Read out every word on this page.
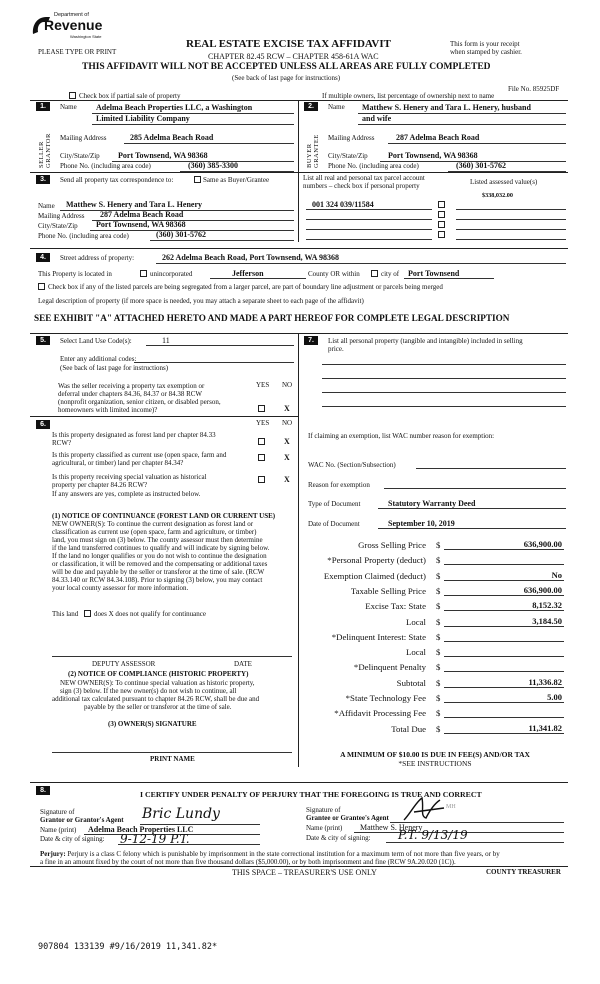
Department of
Revenue
Washington State
PLEASE TYPE OR PRINT
REAL ESTATE EXCISE TAX AFFIDAVIT
CHAPTER 82.45 RCW – CHAPTER 458-61A WAC
This form is your receipt
when stamped by cashier.
THIS AFFIDAVIT WILL NOT BE ACCEPTED UNLESS ALL AREAS ARE FULLY COMPLETED
(See back of last page for instructions)
File No. 85925DF
Check box if partial sale of property	If multiple owners, list percentage of ownership next to name
1.
SELLER GRANTOR
Name Adelma Beach Properties LLC, a Washington
Limited Liability Company
Mailing Address	285 Adelma Beach Road
City/State/Zip Port Townsend, WA 98368
Phone No. (including area code)	(360) 385-3300
2.
BUYER GRANTEE
Name Matthew S. Henery and Tara L. Henery, husband
and wife
Mailing Address	287 Adelma Beach Road
City/State/Zip	Port Townsend, WA 98368
Phone No. (including area code)	(360) 301-5762
3.	Send all property tax correspondence to:	Same as Buyer/Grantee	List all real and personal tax parcel account
numbers – check box if personal property	Listed assessed value(s)
Name Matthew S. Henery and Tara L. Henery
Mailing Address 287 Adelma Beach Road
City/State/Zip Port Townsend, WA 98368
Phone No. (including area code)	(360) 301-5762
001 324 039/11584
$338,032.00
4.	Street address of property:	262 Adelma Beach Road, Port Townsend, WA 98368
This Property is located in	unincorporated	Jefferson	County OR within	city of Port Townsend
Check box if any of the listed parcels are being segregated from a larger parcel, are part of boundary line adjustment or parcels being merged
Legal description of property (if more space is needed, you may attach a separate sheet to each page of the affidavit)
SEE EXHIBIT "A" ATTACHED HERETO AND MADE A PART HEREOF FOR COMPLETE LEGAL DESCRIPTION
5.	Select Land Use Code(s):	11
Enter any additional codes:
(See back of last page for instructions)
YES NO
Was the seller receiving a property tax exemption or
deferral under chapters 84.36, 84.37 or 84.38 RCW
(nonprofit organization, senior citizen, or disabled person,
homeowners with limited income)?	X
6.	YES NO
Is this property designated as forest land per chapter 84.33
RCW?	X
Is this property classified as current use (open space, farm and
agricultural, or timber) land per chapter 84.34?
X
Is this property receiving special valuation as historical
property per chapter 84.26 RCW?
X
If any answers are yes, complete as instructed below.
(1) NOTICE OF CONTINUANCE (FOREST LAND OR CURRENT USE)
NEW OWNER(S): To continue the current designation as forest land or
classification as current use (open space, farm and agriculture, or timber)
land, you must sign on (3) below. The county assessor must then determine
if the land transferred continues to qualify and will indicate by signing below.
If the land no longer qualifies or you do not wish to continue the designation
or classification, it will be removed and the compensating or additional taxes
will be due and payable by the seller or transferor at the time of sale. (RCW
84.33.140 or RCW 84.34.108). Prior to signing (3) below, you may contact
your local county assessor for more information.
This land does X does not qualify for continuance
DEPUTY ASSESSOR	DATE
(2) NOTICE OF COMPLIANCE (HISTORIC PROPERTY)
NEW OWNER(S): To continue special valuation as historic property,
sign (3) below. If the new owner(s) do not wish to continue, all
additional tax calculated pursuant to chapter 84.26 RCW, shall be due and
payable by the seller or transferor at the time of sale.
(3) OWNER(S) SIGNATURE
PRINT NAME
7.	List all personal property (tangible and intangible) included in selling
price.
If claiming an exemption, list WAC number reason for exemption:
WAC No. (Section/Subsection)
Reason for exemption
Type of Document	Statutory Warranty Deed
Date of Document	September 10, 2019
Gross Selling Price $	636,900.00
*Personal Property (deduct) $
Exemption Claimed (deduct) $	No
Taxable Selling Price $	636,900.00
Excise Tax: State $	8,152.32
Local $	3,184.50
*Delinquent Interest: State $
Local $
*Delinquent Penalty $
Subtotal $	11,336.82
*State Technology Fee $	5.00
*Affidavit Processing Fee $
Total Due $	11,341.82
A MINIMUM OF $10.00 IS DUE IN FEE(S) AND/OR TAX
*SEE INSTRUCTIONS
8.	I CERTIFY UNDER PENALTY OF PERJURY THAT THE FOREGOING IS TRUE AND CORRECT
Signature of
Grantor or Grantor's Agent Bric Lundy
Name (print) Adelma Beach Properties LLC
Date & city of signing: 9-12-19 P.T.
Signature of
Grantee or Grantee's Agent
MH
Name (print) Matthew S. Henery
Date & city of signing: P.T. 9/13/19
Perjury: Perjury is a class C felony which is punishable by imprisonment in the state correctional institution for a maximum term of not more than five years, or by
a fine in an amount fixed by the court of not more than five thousand dollars ($5,000.00), or by both imprisonment and fine (RCW 9A.20.020 (1C)).
THIS SPACE – TREASURER'S USE ONLY	COUNTY TREASURER
907804 133139 #9/16/2019 11,341.82*
